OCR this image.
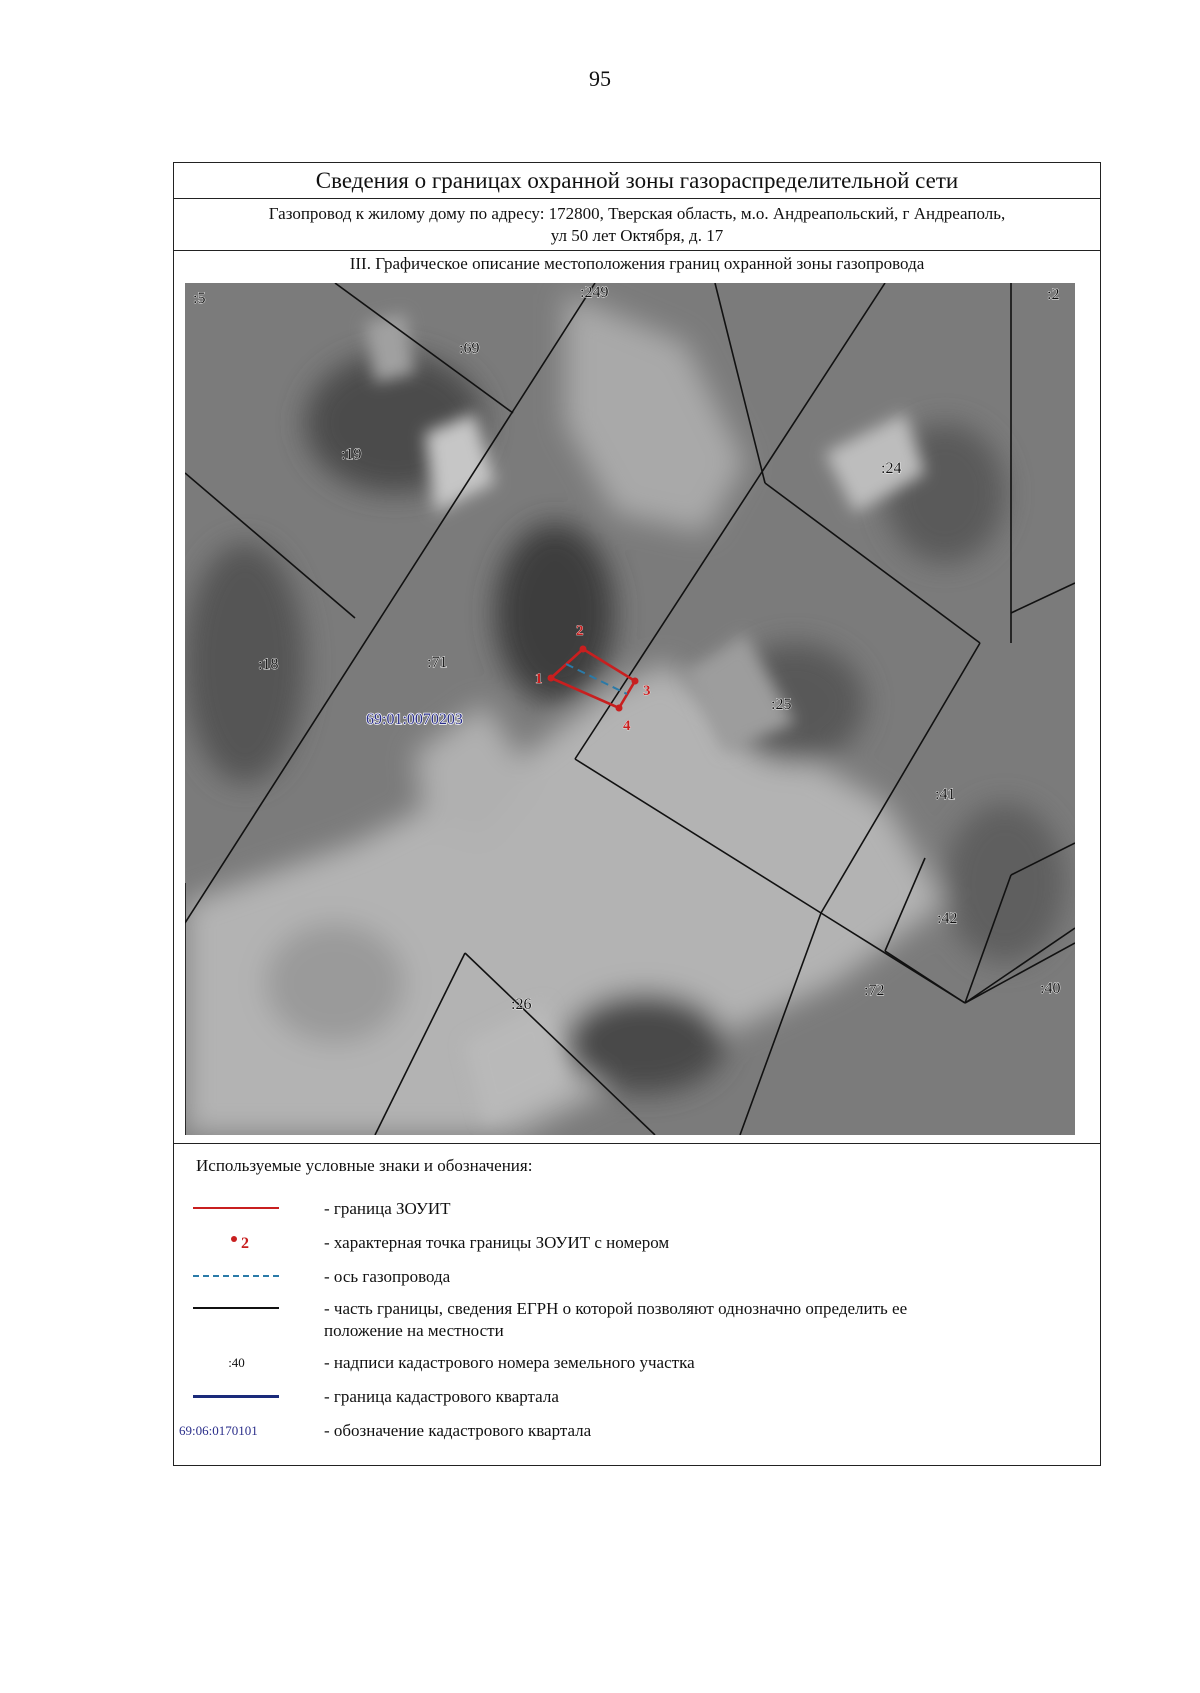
95
Сведения о границах охранной зоны газораспределительной сети
Газопровод к жилому дому по адресу: 172800, Тверская область, м.о. Андреапольский, г Андреаполь,
ул 50 лет Октября, д. 17
III. Графическое описание местоположения границ охранной зоны газопровода
1
2
3
4
:5	:249	:2
:69
:19
:24
:18	:71
:25
:41
:42
:72	:40
:26
69:01:0070203
Используемые условные знаки и обозначения:
- граница ЗОУИТ
2	- характерная точка границы ЗОУИТ с номером
- ось газопровода
- часть границы, сведения ЕГРН о которой позволяют однозначно определить ее
положение на местности
:40	- надписи кадастрового номера земельного участка
- граница кадастрового квартала
69:06:0170101	- обозначение кадастрового квартала
